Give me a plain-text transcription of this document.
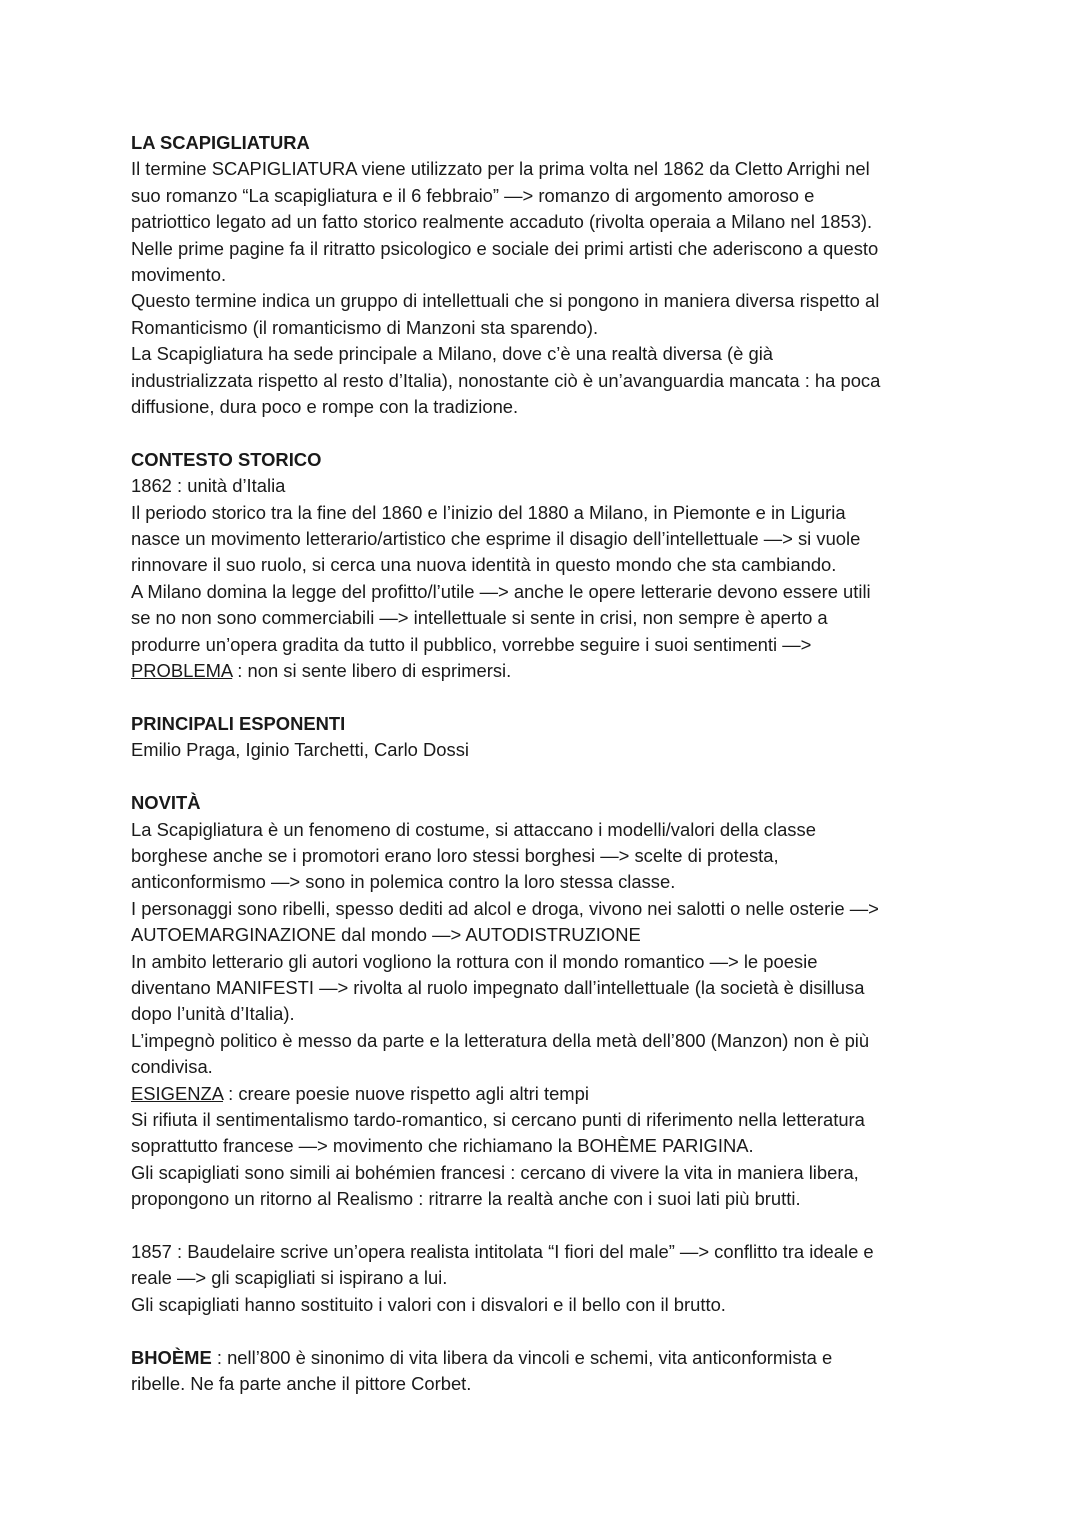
LA SCAPIGLIATURA
Il termine SCAPIGLIATURA viene utilizzato per la prima volta nel 1862 da Cletto Arrighi nel
suo romanzo “La scapigliatura e il 6 febbraio” —> romanzo di argomento amoroso e
patriottico legato ad un fatto storico realmente accaduto (rivolta operaia a Milano nel 1853).
Nelle prime pagine fa il ritratto psicologico e sociale dei primi artisti che aderiscono a questo
movimento.
Questo termine indica un gruppo di intellettuali che si pongono in maniera diversa rispetto al
Romanticismo (il romanticismo di Manzoni sta sparendo).
La Scapigliatura ha sede principale a Milano, dove c’è una realtà diversa (è già
industrializzata rispetto al resto d’Italia), nonostante ciò è un’avanguardia mancata : ha poca
diffusione, dura poco e rompe con la tradizione.
CONTESTO STORICO
1862 : unità d’Italia
Il periodo storico tra la fine del 1860 e l’inizio del 1880 a Milano, in Piemonte e in Liguria
nasce un movimento letterario/artistico che esprime il disagio dell’intellettuale —> si vuole
rinnovare il suo ruolo, si cerca una nuova identità in questo mondo che sta cambiando.
A Milano domina la legge del profitto/l’utile —> anche le opere letterarie devono essere utili
se no non sono commerciabili —> intellettuale si sente in crisi, non sempre è aperto a
produrre un’opera gradita da tutto il pubblico, vorrebbe seguire i suoi sentimenti —>
PROBLEMA : non si sente libero di esprimersi.
PRINCIPALI ESPONENTI
Emilio Praga, Iginio Tarchetti, Carlo Dossi
NOVITÀ
La Scapigliatura è un fenomeno di costume, si attaccano i modelli/valori della classe
borghese anche se i promotori erano loro stessi borghesi —> scelte di protesta,
anticonformismo —> sono in polemica contro la loro stessa classe.
I personaggi sono ribelli, spesso dediti ad alcol e droga, vivono nei salotti o nelle osterie —>
AUTOEMARGINAZIONE dal mondo —> AUTODISTRUZIONE
In ambito letterario gli autori vogliono la rottura con il mondo romantico —> le poesie
diventano MANIFESTI —> rivolta al ruolo impegnato dall’intellettuale (la società è disillusa
dopo l’unità d’Italia).
L’impegnò politico è messo da parte e la letteratura della metà dell’800 (Manzon) non è più
condivisa.
ESIGENZA : creare poesie nuove rispetto agli altri tempi
Si rifiuta il sentimentalismo tardo-romantico, si cercano punti di riferimento nella letteratura
soprattutto francese —> movimento che richiamano la BOHÈME PARIGINA.
Gli scapigliati sono simili ai bohémien francesi : cercano di vivere la vita in maniera libera,
propongono un ritorno al Realismo : ritrarre la realtà anche con i suoi lati più brutti.
1857 : Baudelaire scrive un’opera realista intitolata “I fiori del male” —> conflitto tra ideale e
reale —> gli scapigliati si ispirano a lui.
Gli scapigliati hanno sostituito i valori con i disvalori e il bello con il brutto.
BHOÈME : nell’800 è sinonimo di vita libera da vincoli e schemi, vita anticonformista e
ribelle. Ne fa parte anche il pittore Corbet.
